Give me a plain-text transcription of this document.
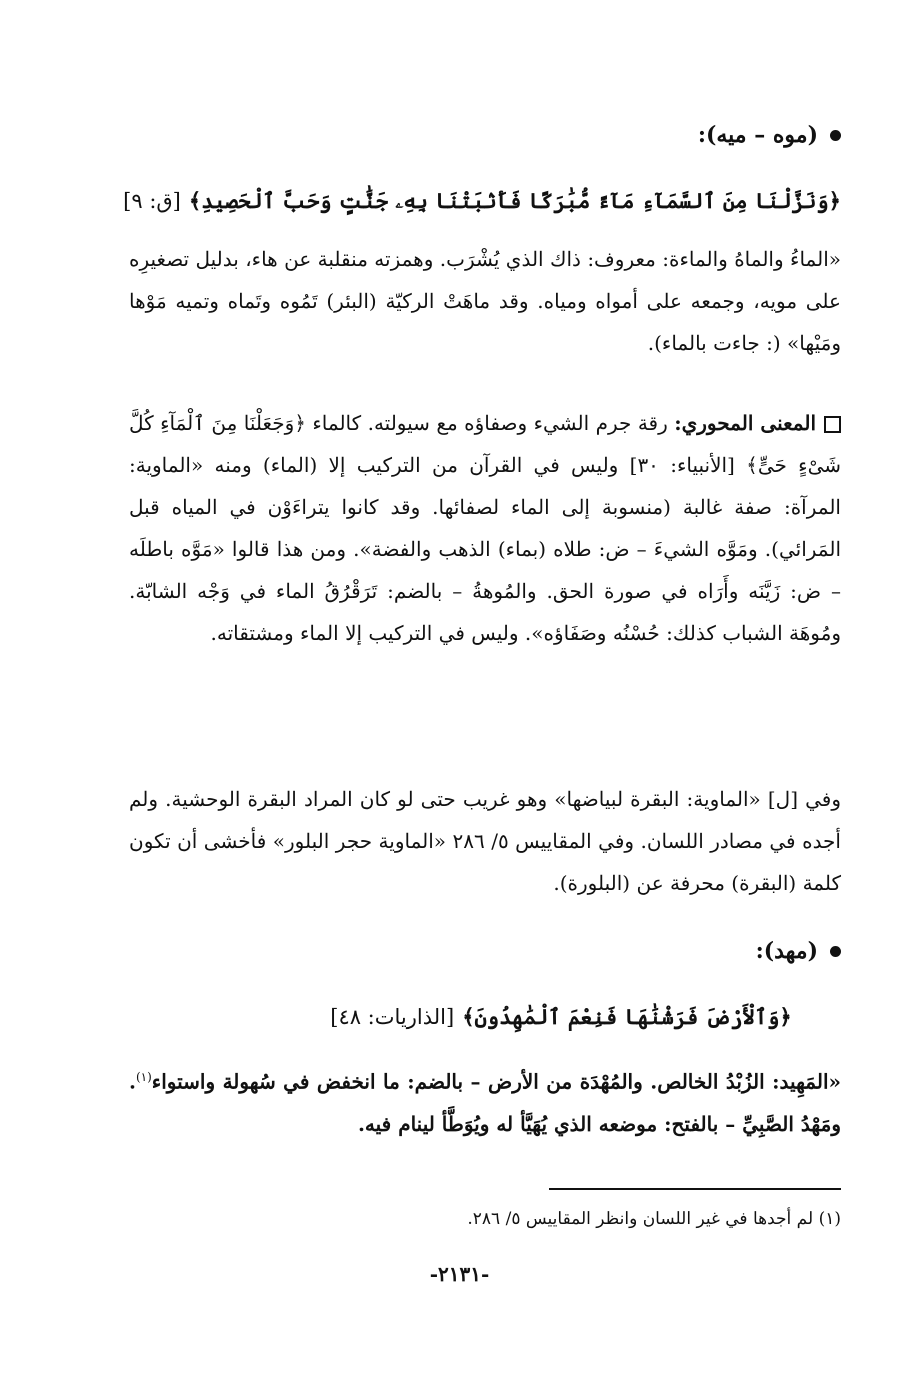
(موه – ميه):
﴿وَنَزَّلْنَا مِنَ ٱلسَّمَآءِ مَآءً مُّبَٰرَكًا فَأَنۢبَتْنَا بِهِۦ جَنَّٰتٍ وَحَبَّ ٱلْحَصِيدِ﴾[ق: ٩]
«الماءُ والماهُ والماءة: معروف: ذاك الذي يُشْرَب. وهمزته منقلبة عن هاء، بدليل تصغيرِه على مويه، وجمعه على أمواه ومياه. وقد ماهَتْ الركيّة (البئر) تَمُوه وتَماه وتميه مَوْها ومَيْها» (: جاءت بالماء).
المعنى المحوري: رقة جرم الشيء وصفاؤه مع سيولته. كالماء ﴿وَجَعَلْنَا مِنَ ٱلْمَآءِ كُلَّ شَىْءٍ حَىٍّ﴾ [الأنبياء: ٣٠] وليس في القرآن من التركيب إلا (الماء) ومنه «الماوية: المرآة: صفة غالبة (منسوبة إلى الماء لصفائها. وقد كانوا يتراءَوْن في المياه قبل المَرائي). ومَوَّه الشيءَ – ض: طلاه (بماء) الذهب والفضة». ومن هذا قالوا «مَوَّه باطلَه – ض: زَيَّنَه وأَرَاه في صورة الحق. والمُوهةُ – بالضم: تَرَقْرُقُ الماء في وَجْه الشابّة. ومُوهَة الشباب كذلك: حُسْنُه وصَفَاؤه». وليس في التركيب إلا الماء ومشتقاته.
وفي [ل] «الماوية: البقرة لبياضها» وهو غريب حتى لو كان المراد البقرة الوحشية. ولم أجده في مصادر اللسان. وفي المقاييس ٥/ ٢٨٦ «الماوية حجر البلور» فأخشى أن تكون كلمة (البقرة) محرفة عن (البلورة).
(مهد):
﴿وَٱلْأَرْضَ فَرَشْنَٰهَا فَنِعْمَ ٱلْمَٰهِدُونَ﴾[الذاريات: ٤٨]
«المَهِيد: الزُبْدُ الخالص. والمُهْدَة من الأرض – بالضم: ما انخفض في سُهولة واستواء$^{(١)}$. ومَهْدُ الصَّبِيِّ – بالفتح: موضعه الذي يُهَيَّأ له ويُوَطَّأ لينام فيه.
(١) لم أجدها في غير اللسان وانظر المقاييس ٥/ ٢٨٦.
-٢١٣١-
